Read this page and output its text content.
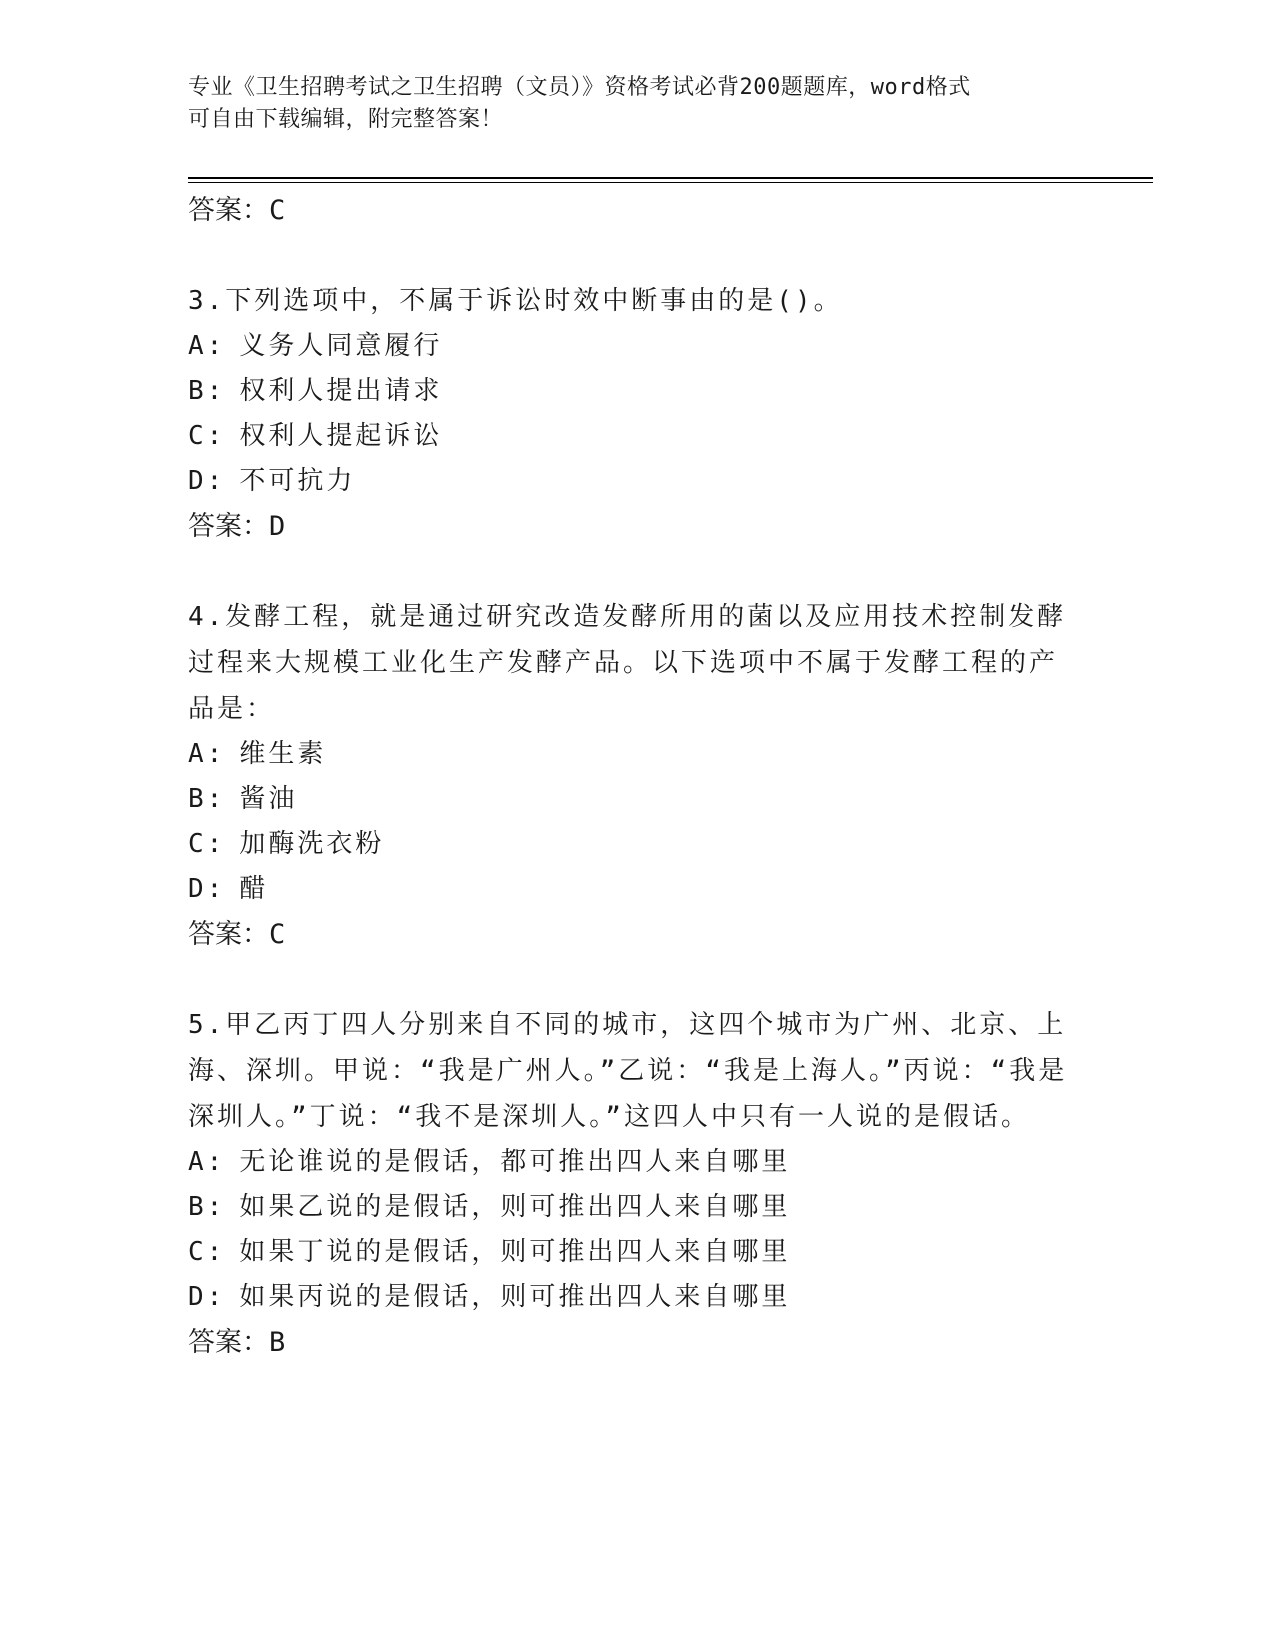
专业《卫生招聘考试之卫生招聘（文员）》资格考试必背200题题库，word格式
可自由下载编辑，附完整答案！
答案：C
3.下列选项中，不属于诉讼时效中断事由的是()。
A: 义务人同意履行
B: 权利人提出请求
C: 权利人提起诉讼
D: 不可抗力
答案：D
4.发酵工程，就是通过研究改造发酵所用的菌以及应用技术控制发酵过程来大规模工业化生产发酵产品。以下选项中不属于发酵工程的产品是：
A: 维生素
B: 酱油
C: 加酶洗衣粉
D: 醋
答案：C
5.甲乙丙丁四人分别来自不同的城市，这四个城市为广州、北京、上海、深圳。甲说：“我是广州人。”乙说：“我是上海人。”丙说：“我是深圳人。”丁说：“我不是深圳人。”这四人中只有一人说的是假话。
A: 无论谁说的是假话，都可推出四人来自哪里
B: 如果乙说的是假话，则可推出四人来自哪里
C: 如果丁说的是假话，则可推出四人来自哪里
D: 如果丙说的是假话，则可推出四人来自哪里
答案：B
